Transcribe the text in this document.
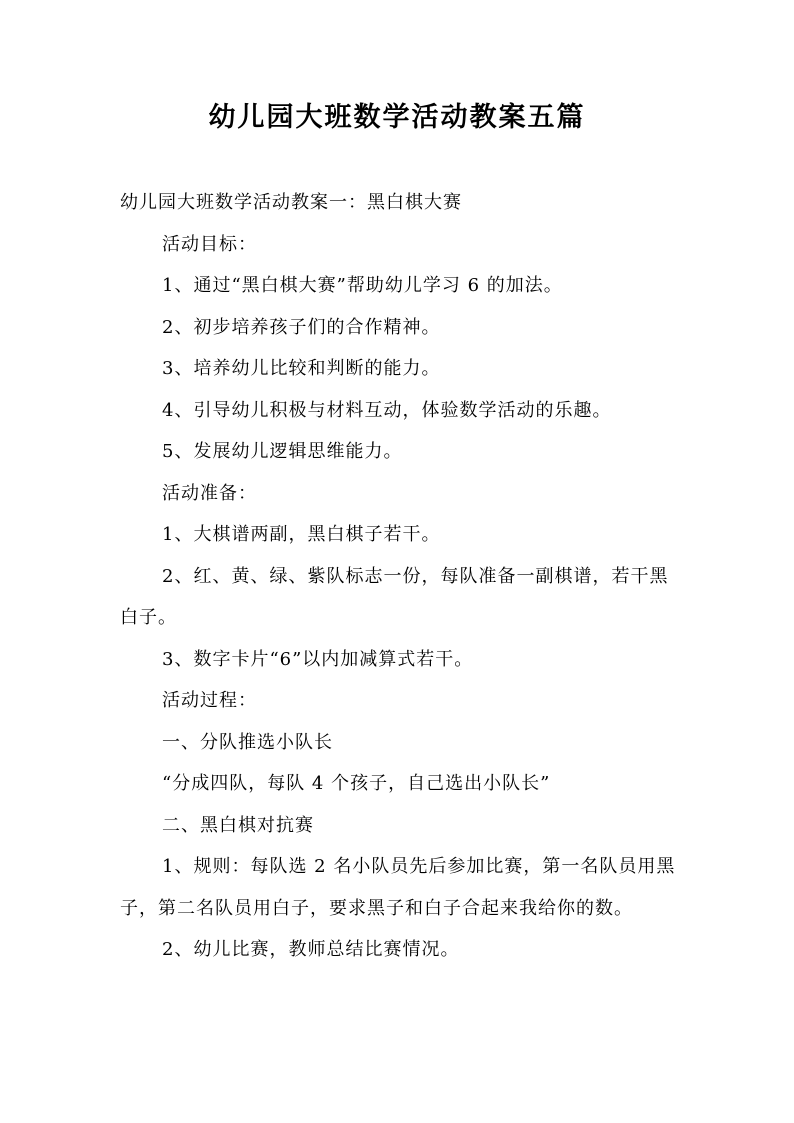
幼儿园大班数学活动教案五篇

幼儿园大班数学活动教案一：黑白棋大赛

活动目标：

1、通过“黑白棋大赛”帮助幼儿学习 6 的加法。

2、初步培养孩子们的合作精神。

3、培养幼儿比较和判断的能力。

4、引导幼儿积极与材料互动，体验数学活动的乐趣。

5、发展幼儿逻辑思维能力。

活动准备：

1、大棋谱两副，黑白棋子若干。

2、红、黄、绿、紫队标志一份，每队准备一副棋谱，若干黑白子。

3、数字卡片“6”以内加减算式若干。

活动过程：

一、分队推选小队长

“分成四队，每队 4 个孩子，自己选出小队长”

二、黑白棋对抗赛

1、规则：每队选 2 名小队员先后参加比赛，第一名队员用黑子，第二名队员用白子，要求黑子和白子合起来我给你的数。

2、幼儿比赛，教师总结比赛情况。
